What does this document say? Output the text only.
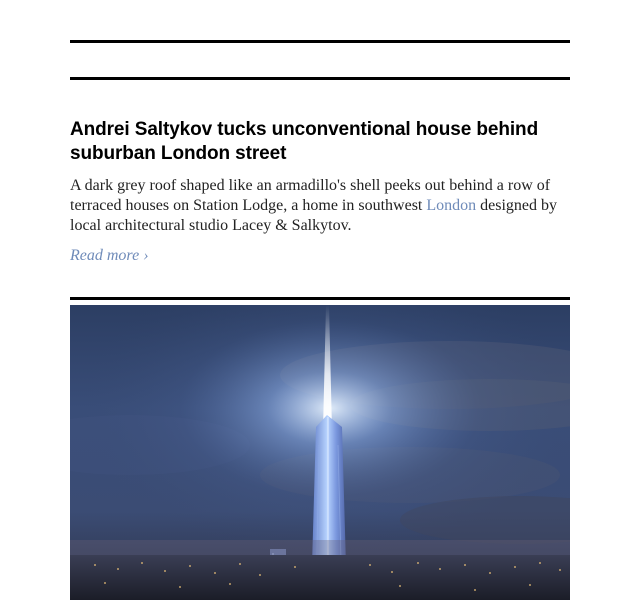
Andrei Saltykov tucks unconventional house behind suburban London street

A dark grey roof shaped like an armadillo's shell peeks out behind a row of terraced houses on Station Lodge, a home in southwest London designed by local architectural studio Lacey & Salkytov.

Read more ›
